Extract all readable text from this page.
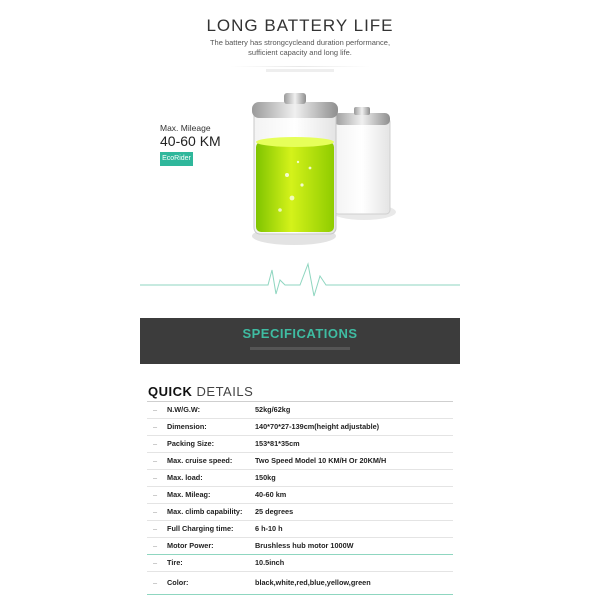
LONG BATTERY LIFE
The battery has strongcycleand duration performance,
sufficient capacity and long life.
Max. Mileage
40-60 KM
EcoRider
SPECIFICATIONS
QUICK DETAILS
– N.W/G.W:	52kg/62kg
– Dimension:	140*70*27-139cm(height adjustable)
– Packing Size:	153*81*35cm
– Max. cruise speed:	Two Speed Model 10 KM/H Or 20KM/H
– Max. load:	150kg
– Max. Mileag:	40-60 km
– Max. climb capability: 25 degrees
– Full Charging time:	6 h-10 h
– Motor Power:	Brushless hub motor 1000W
– Tire:	10.5inch
– Color:	black,white,red,blue,yellow,green
